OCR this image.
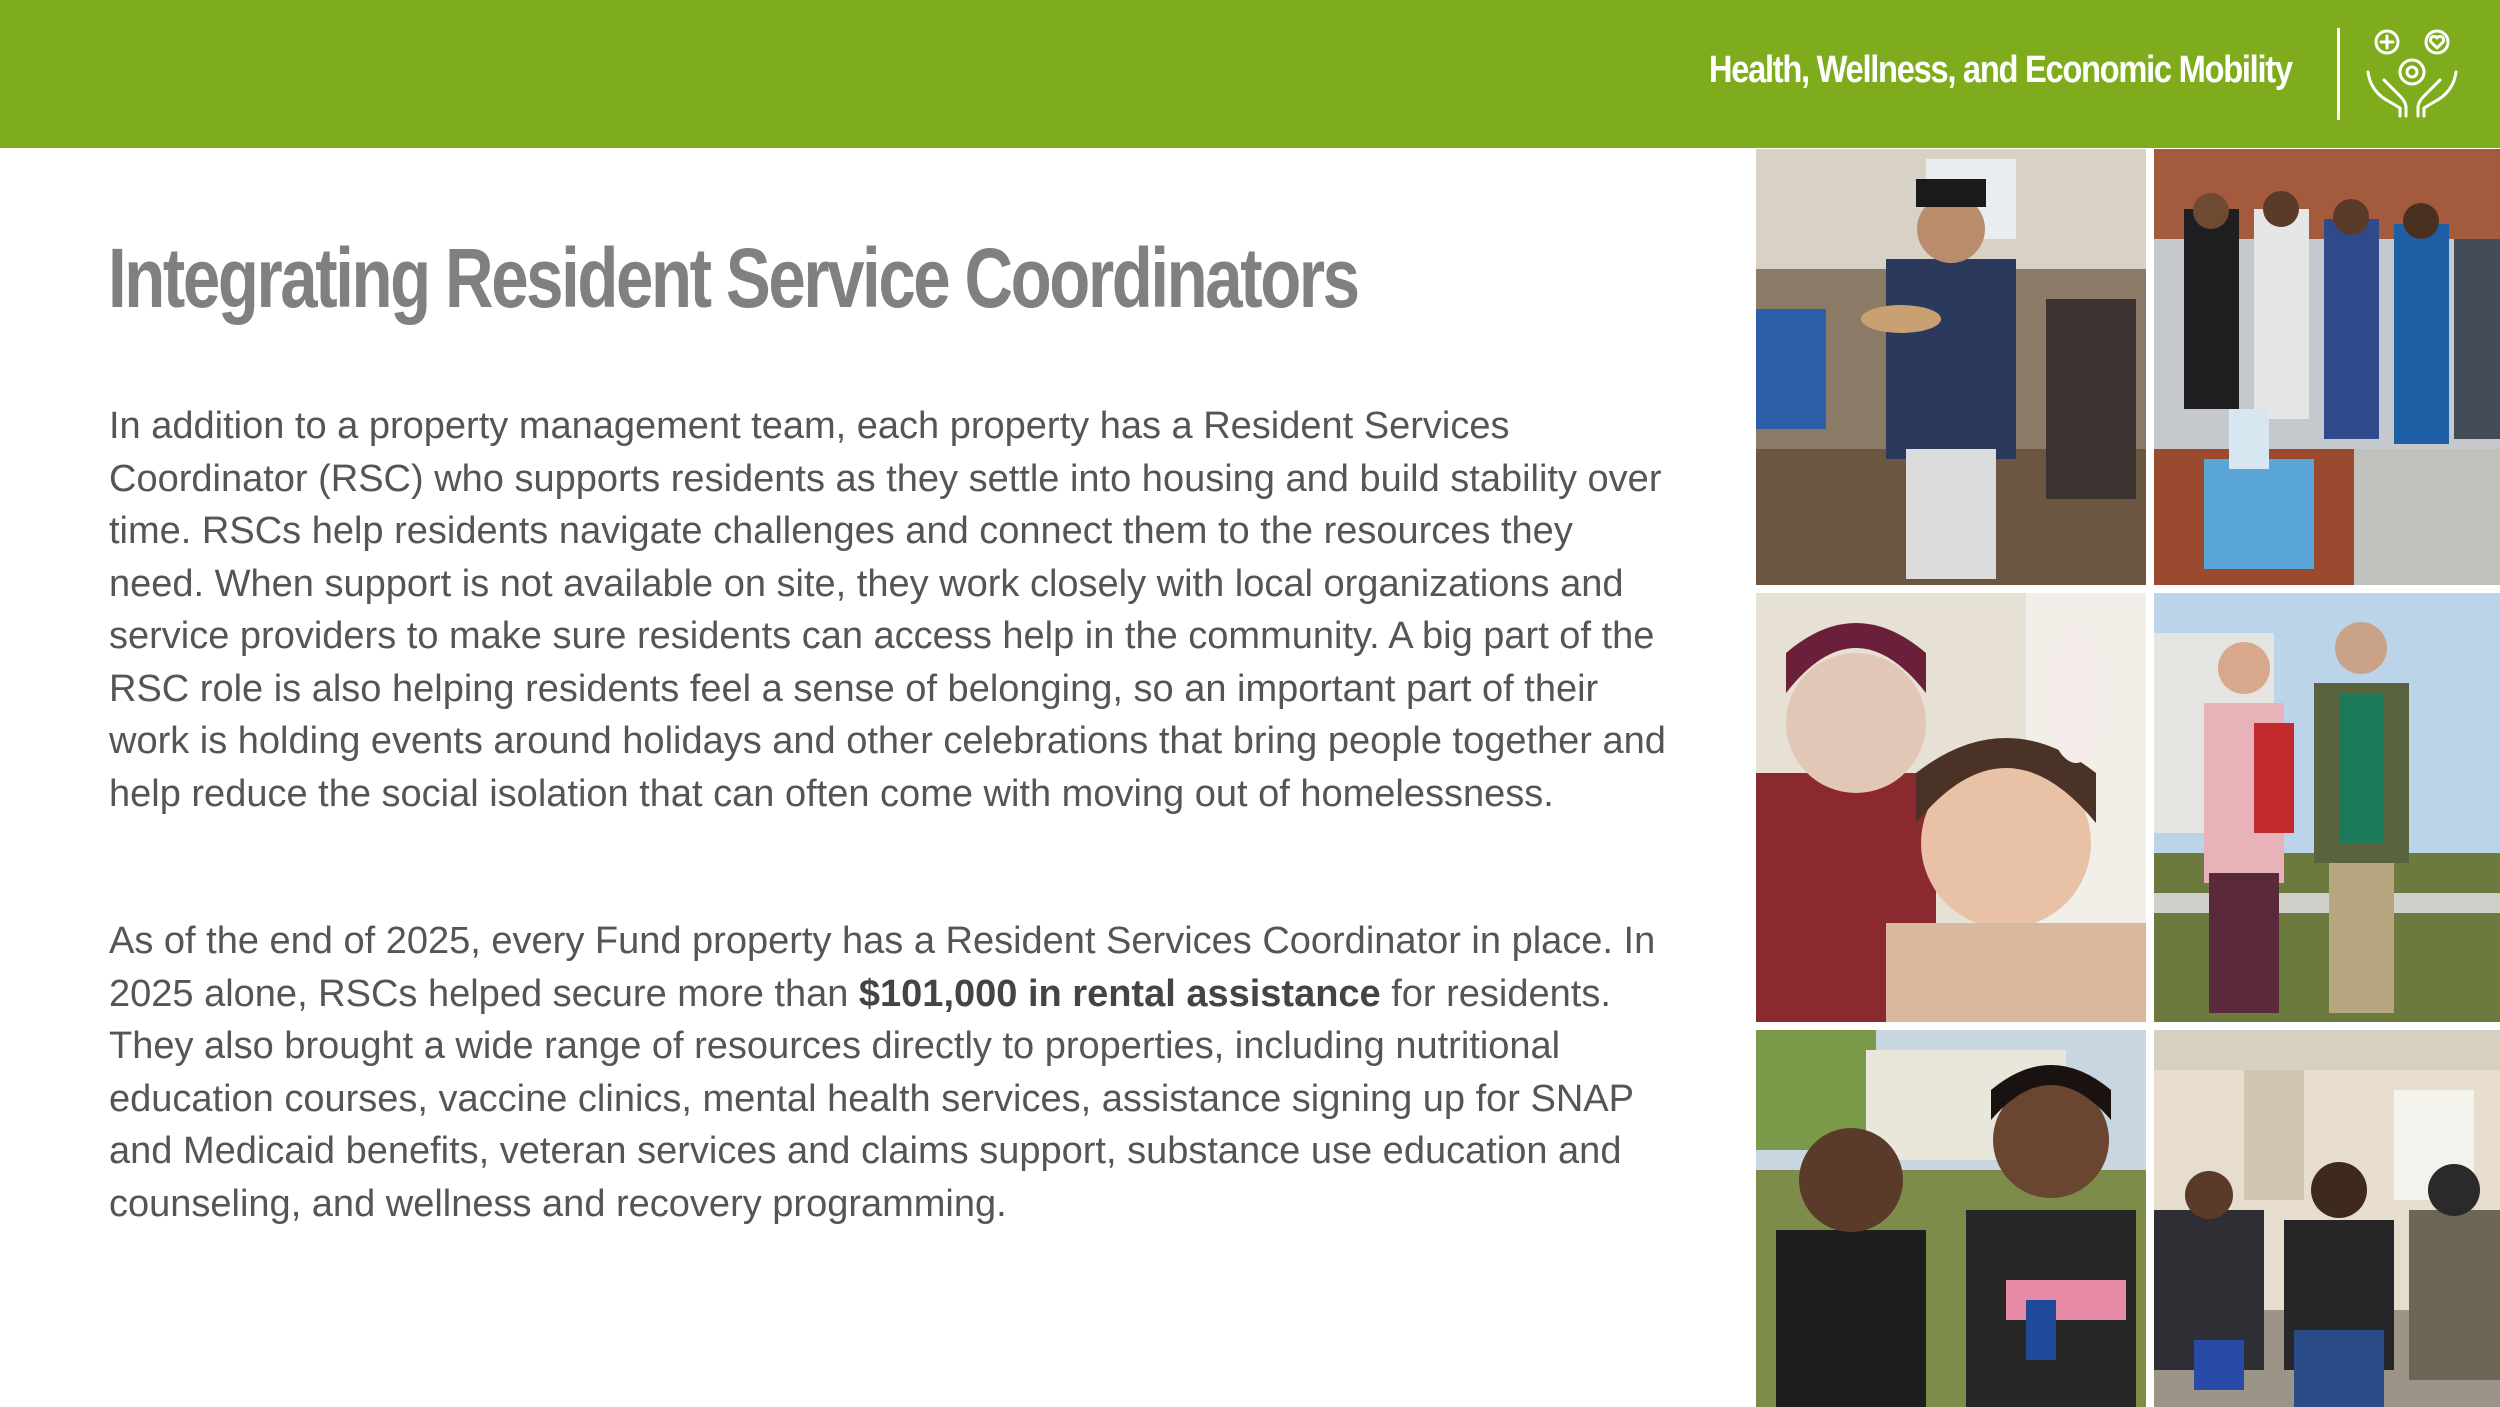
Health, Wellness, and Economic Mobility
Integrating Resident Service Coordinators
In addition to a property management team, each property has a Resident Services Coordinator (RSC) who supports residents as they settle into housing and build stability over time. RSCs help residents navigate challenges and connect them to the resources they need. When support is not available on site, they work closely with local organizations and service providers to make sure residents can access help in the community. A big part of the RSC role is also helping residents feel a sense of belonging, so an important part of their work is holding events around holidays and other celebrations that bring people together and help reduce the social isolation that can often come with moving out of homelessness.
As of the end of 2025, every Fund property has a Resident Services Coordinator in place. In 2025 alone, RSCs helped secure more than $101,000 in rental assistance for residents. They also brought a wide range of resources directly to properties, including nutritional education courses, vaccine clinics, mental health services, assistance signing up for SNAP and Medicaid benefits, veteran services and claims support, substance use education and counseling, and wellness and recovery programming.
